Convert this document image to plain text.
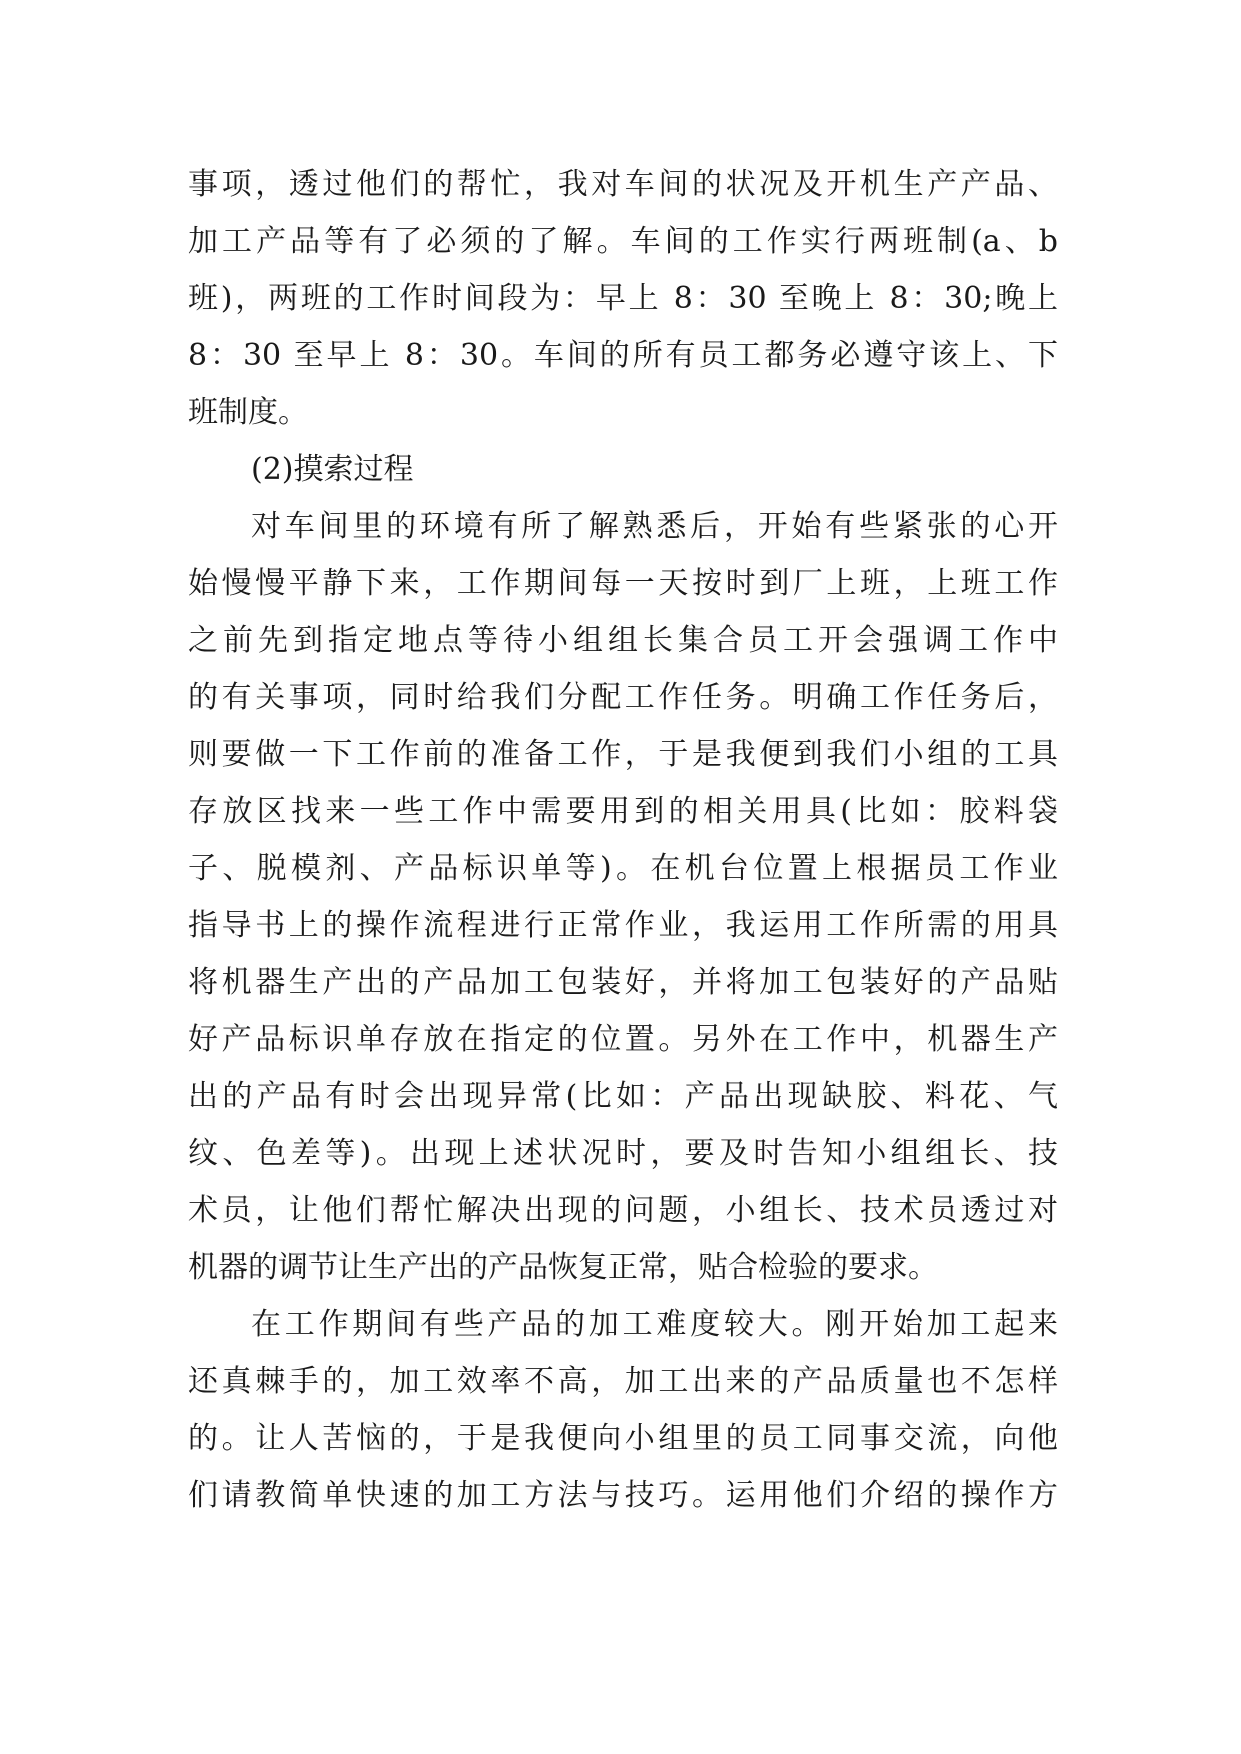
事项，透过他们的帮忙，我对车间的状况及开机生产产品、
加工产品等有了必须的了解。车间的工作实行两班制(a、b
班)，两班的工作时间段为：早上 8：30 至晚上 8：30;晚上
8：30 至早上 8：30。车间的所有员工都务必遵守该上、下
班制度。
(2)摸索过程
对车间里的环境有所了解熟悉后，开始有些紧张的心开
始慢慢平静下来，工作期间每一天按时到厂上班，上班工作
之前先到指定地点等待小组组长集合员工开会强调工作中
的有关事项，同时给我们分配工作任务。明确工作任务后，
则要做一下工作前的准备工作，于是我便到我们小组的工具
存放区找来一些工作中需要用到的相关用具(比如：胶料袋
子、脱模剂、产品标识单等)。在机台位置上根据员工作业
指导书上的操作流程进行正常作业，我运用工作所需的用具
将机器生产出的产品加工包装好，并将加工包装好的产品贴
好产品标识单存放在指定的位置。另外在工作中，机器生产
出的产品有时会出现异常(比如：产品出现缺胶、料花、气
纹、色差等)。出现上述状况时，要及时告知小组组长、技
术员，让他们帮忙解决出现的问题，小组长、技术员透过对
机器的调节让生产出的产品恢复正常，贴合检验的要求。
在工作期间有些产品的加工难度较大。刚开始加工起来
还真棘手的，加工效率不高，加工出来的产品质量也不怎样
的。让人苦恼的，于是我便向小组里的员工同事交流，向他
们请教简单快速的加工方法与技巧。运用他们介绍的操作方
